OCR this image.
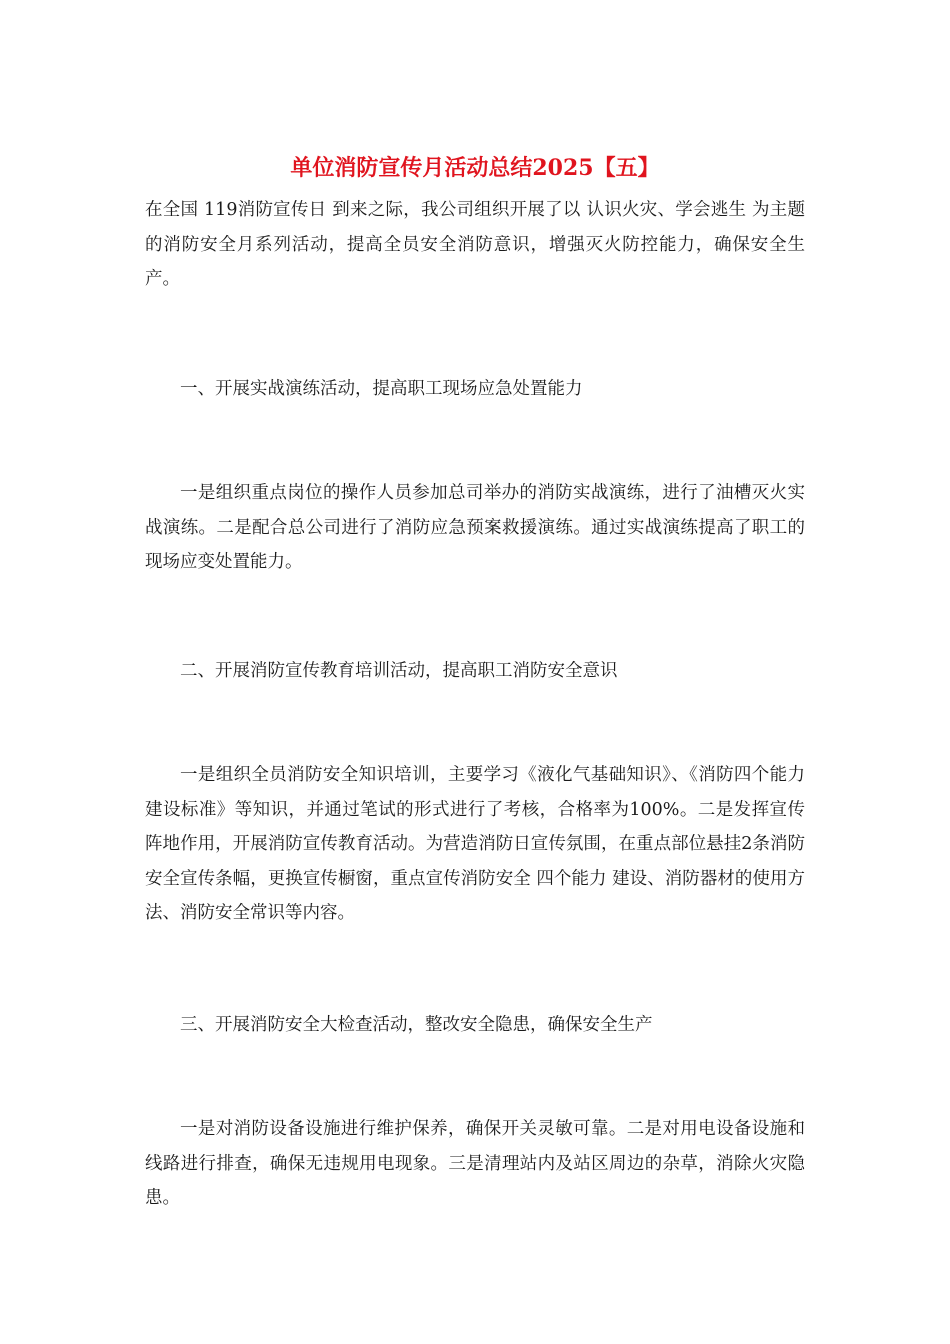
单位消防宣传月活动总结2025【五】

在全国 119消防宣传日 到来之际，我公司组织开展了以 认识火灾、学会逃生 为主题的消防安全月系列活动，提高全员安全消防意识，增强灭火防控能力，确保安全生产。

一、开展实战演练活动，提高职工现场应急处置能力

一是组织重点岗位的操作人员参加总司举办的消防实战演练，进行了油槽灭火实战演练。二是配合总公司进行了消防应急预案救援演练。通过实战演练提高了职工的现场应变处置能力。

二、开展消防宣传教育培训活动，提高职工消防安全意识

一是组织全员消防安全知识培训，主要学习《液化气基础知识》、《消防四个能力建设标准》等知识，并通过笔试的形式进行了考核，合格率为100%。二是发挥宣传阵地作用，开展消防宣传教育活动。为营造消防日宣传氛围，在重点部位悬挂2条消防安全宣传条幅，更换宣传橱窗，重点宣传消防安全 四个能力 建设、消防器材的使用方法、消防安全常识等内容。

三、开展消防安全大检查活动，整改安全隐患，确保安全生产

一是对消防设备设施进行维护保养，确保开关灵敏可靠。二是对用电设备设施和线路进行排查，确保无违规用电现象。三是清理站内及站区周边的杂草，消除火灾隐患。
